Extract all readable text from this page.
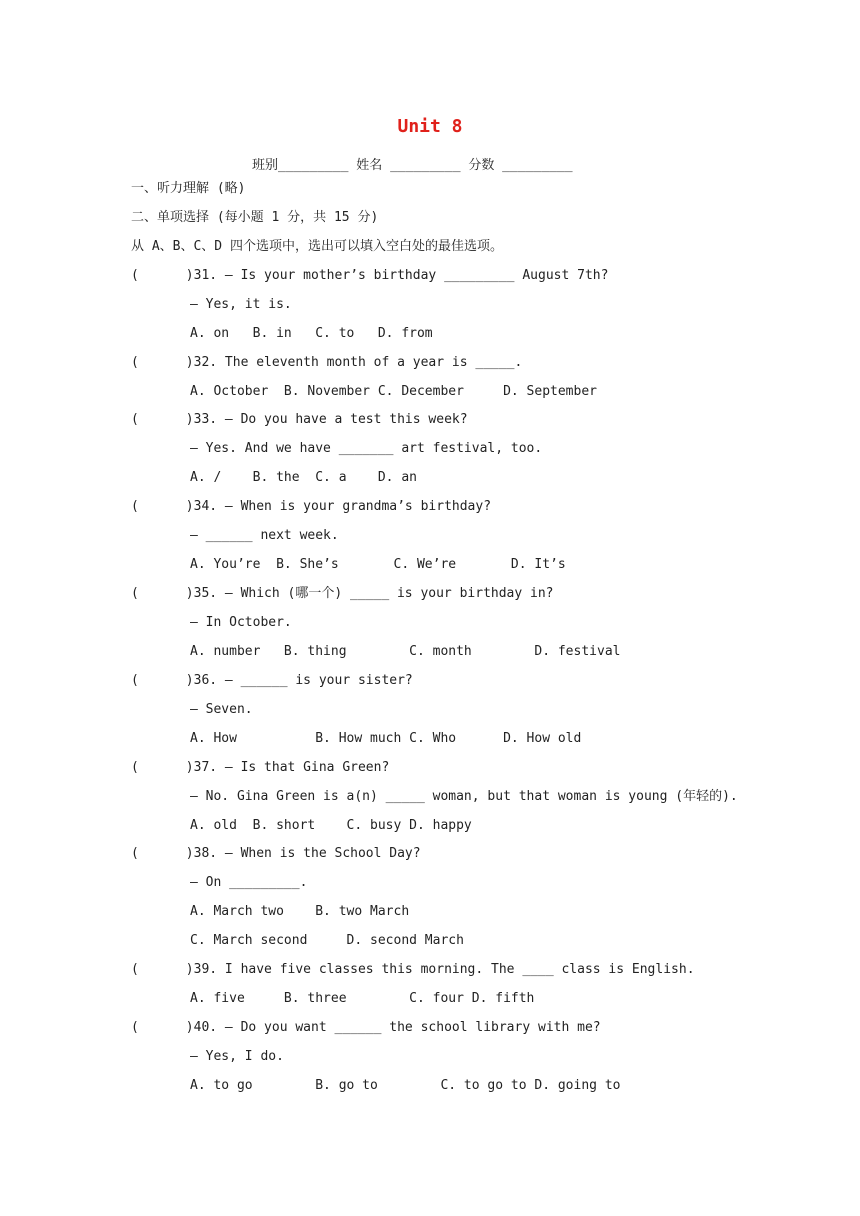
Unit 8
班别_________ 姓名 _________ 分数 _________
一、听力理解 (略)
二、单项选择 (每小题 1 分，共 15 分)
从 A、B、C、D 四个选项中，选出可以填入空白处的最佳选项。
(      )31. — Is your mother’s birthday _________ August 7th?
— Yes, it is.
A. on   B. in   C. to   D. from
(      )32. The eleventh month of a year is _____.
A. October  B. November C. December     D. September
(      )33. — Do you have a test this week?
— Yes. And we have _______ art festival, too.
A. /    B. the  C. a    D. an
(      )34. — When is your grandma’s birthday?
— ______ next week.
A. You’re  B. She’s       C. We’re       D. It’s
(      )35. — Which (哪一个) _____ is your birthday in?
— In October.
A. number   B. thing        C. month        D. festival
(      )36. — ______ is your sister?
— Seven.
A. How          B. How much C. Who      D. How old
(      )37. — Is that Gina Green?
— No. Gina Green is a(n) _____ woman, but that woman is young (年轻的).
A. old  B. short    C. busy D. happy
(      )38. — When is the School Day?
— On _________.
A. March two    B. two March
C. March second     D. second March
(      )39. I have five classes this morning. The ____ class is English.
A. five     B. three        C. four D. fifth
(      )40. — Do you want ______ the school library with me?
— Yes, I do.
A. to go        B. go to        C. to go to D. going to
